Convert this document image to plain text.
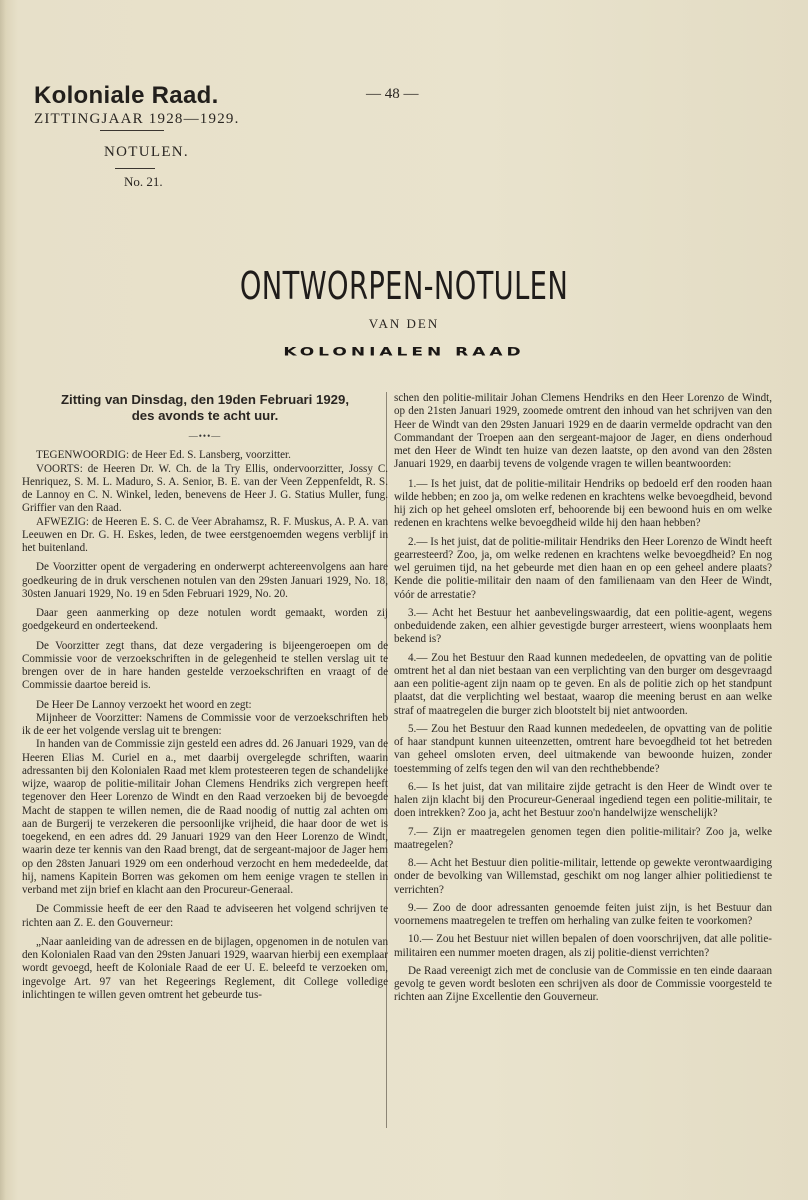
Koloniale Raad.
ZITTINGJAAR 1928—1929.
NOTULEN.
No. 21.
— 48 —
ONTWORPEN-NOTULEN
VAN DEN
KOLONIALEN RAAD
Zitting van Dinsdag, den 19den Februari 1929,
des avonds te acht uur.
—•••—

TEGENWOORDIG: de Heer Ed. S. Lansberg, voorzitter.

VOORTS: de Heeren Dr. W. Ch. de la Try Ellis, ondervoorzitter, Jossy C. Henriquez, S. M. L. Maduro, S. A. Senior, B. E. van der Veen Zeppenfeldt, R. S. de Lannoy en C. N. Winkel, leden, benevens de Heer J. G. Statius Muller, fung. Griffier van den Raad.

AFWEZIG: de Heeren E. S. C. de Veer Abrahamsz, R. F. Muskus, A. P. A. van Leeuwen en Dr. G. H. Eskes, leden, de twee eerstgenoemden wegens verblijf in het buitenland.

De Voorzitter opent de vergadering en onderwerpt achtereenvolgens aan hare goedkeuring de in druk verschenen notulen van den 29sten Januari 1929, No. 18, 30sten Januari 1929, No. 19 en 5den Februari 1929, No. 20.

Daar geen aanmerking op deze notulen wordt gemaakt, worden zij goedgekeurd en onderteekend.

De Voorzitter zegt thans, dat deze vergadering is bijeengeroepen om de Commissie voor de verzoekschriften in de gelegenheid te stellen verslag uit te brengen over de in hare handen gestelde verzoekschriften en vraagt of de Commissie daartoe bereid is.

De Heer De Lannoy verzoekt het woord en zegt:

Mijnheer de Voorzitter: Namens de Commissie voor de verzoekschriften heb ik de eer het volgende verslag uit te brengen:

In handen van de Commissie zijn gesteld een adres dd. 26 Januari 1929, van de Heeren Elias M. Curiel en a., met daarbij overgelegde schriften, waarin adressanten bij den Kolonialen Raad met klem protesteeren tegen de schandelijke wijze, waarop de politie-militair Johan Clemens Hendriks zich vergrepen heeft tegenover den Heer Lorenzo de Windt en den Raad verzoeken bij de bevoegde Macht de stappen te willen nemen, die de Raad noodig of nuttig zal achten om aan de Burgerij te verzekeren die persoonlijke vrijheid, die haar door de wet is toegekend, en een adres dd. 29 Januari 1929 van den Heer Lorenzo de Windt, waarin deze ter kennis van den Raad brengt, dat de sergeant-majoor de Jager hem op den 28sten Januari 1929 om een onderhoud verzocht en hem mededeelde, dat hij, namens Kapitein Borren was gekomen om hem eenige vragen te stellen in verband met zijn brief en klacht aan den Procureur-Generaal.

De Commissie heeft de eer den Raad te adviseeren het volgend schrijven te richten aan Z. E. den Gouverneur:

„Naar aanleiding van de adressen en de bijlagen, opgenomen in de notulen van den Kolonialen Raad van den 29sten Januari 1929, waarvan hierbij een exemplaar wordt gevoegd, heeft de Koloniale Raad de eer U. E. beleefd te verzoeken om, ingevolge Art. 97 van het Regeerings Reglement, dit College volledige inlichtingen te willen geven omtrent het gebeurde tus-

schen den politie-militair Johan Clemens Hendriks en den Heer Lorenzo de Windt, op den 21sten Januari 1929, zoomede omtrent den inhoud van het schrijven van den Heer de Windt van den 29sten Januari 1929 en de daarin vermelde opdracht van den Commandant der Troepen aan den sergeant-majoor de Jager, en diens onderhoud met den Heer de Windt ten huize van dezen laatste, op den avond van den 28sten Januari 1929, en daarbij tevens de volgende vragen te willen beantwoorden:

1.— Is het juist, dat de politie-militair Hendriks op bedoeld erf den rooden haan wilde hebben; en zoo ja, om welke redenen en krachtens welke bevoegdheid, bevond hij zich op het geheel omsloten erf, behoorende bij een bewoond huis en om welke redenen en krachtens welke bevoegdheid wilde hij den haan hebben?

2.— Is het juist, dat de politie-militair Hendriks den Heer Lorenzo de Windt heeft gearresteerd? Zoo, ja, om welke redenen en krachtens welke bevoegdheid? En nog wel geruimen tijd, na het gebeurde met dien haan en op een geheel andere plaats? Kende die politie-militair den naam of den familienaam van den Heer de Windt, vóór de arrestatie?

3.— Acht het Bestuur het aanbevelingswaardig, dat een politie-agent, wegens onbeduidende zaken, een alhier gevestigde burger arresteert, wiens woonplaats hem bekend is?

4.— Zou het Bestuur den Raad kunnen mededeelen, de opvatting van de politie omtrent het al dan niet bestaan van een verplichting van den burger om desgevraagd aan een politie-agent zijn naam op te geven. En als de politie zich op het standpunt plaatst, dat die verplichting wel bestaat, waarop die meening berust en aan welke straf of maatregelen die burger zich blootstelt bij niet antwoorden.

5.— Zou het Bestuur den Raad kunnen mededeelen, de opvatting van de politie of haar standpunt kunnen uiteenzetten, omtrent hare bevoegdheid tot het betreden van geheel omsloten erven, deel uitmakende van bewoonde huizen, zonder toestemming of zelfs tegen den wil van den rechthebbende?

6.— Is het juist, dat van militaire zijde getracht is den Heer de Windt over te halen zijn klacht bij den Procureur-Generaal ingediend tegen een politie-militair, te doen intrekken? Zoo ja, acht het Bestuur zoo'n handelwijze wenschelijk?

7.— Zijn er maatregelen genomen tegen dien politie-militair? Zoo ja, welke maatregelen?

8.— Acht het Bestuur dien politie-militair, lettende op gewekte verontwaardiging onder de bevolking van Willemstad, geschikt om nog langer alhier politiedienst te verrichten?

9.— Zoo de door adressanten genoemde feiten juist zijn, is het Bestuur dan voornemens maatregelen te treffen om herhaling van zulke feiten te voorkomen?

10.— Zou het Bestuur niet willen bepalen of doen voorschrijven, dat alle politie-militairen een nummer moeten dragen, als zij politie-dienst verrichten?

De Raad vereenigt zich met de conclusie van de Commissie en ten einde daaraan gevolg te geven wordt besloten een schrijven als door de Commissie voorgesteld te richten aan Zijne Excellentie den Gouverneur.
